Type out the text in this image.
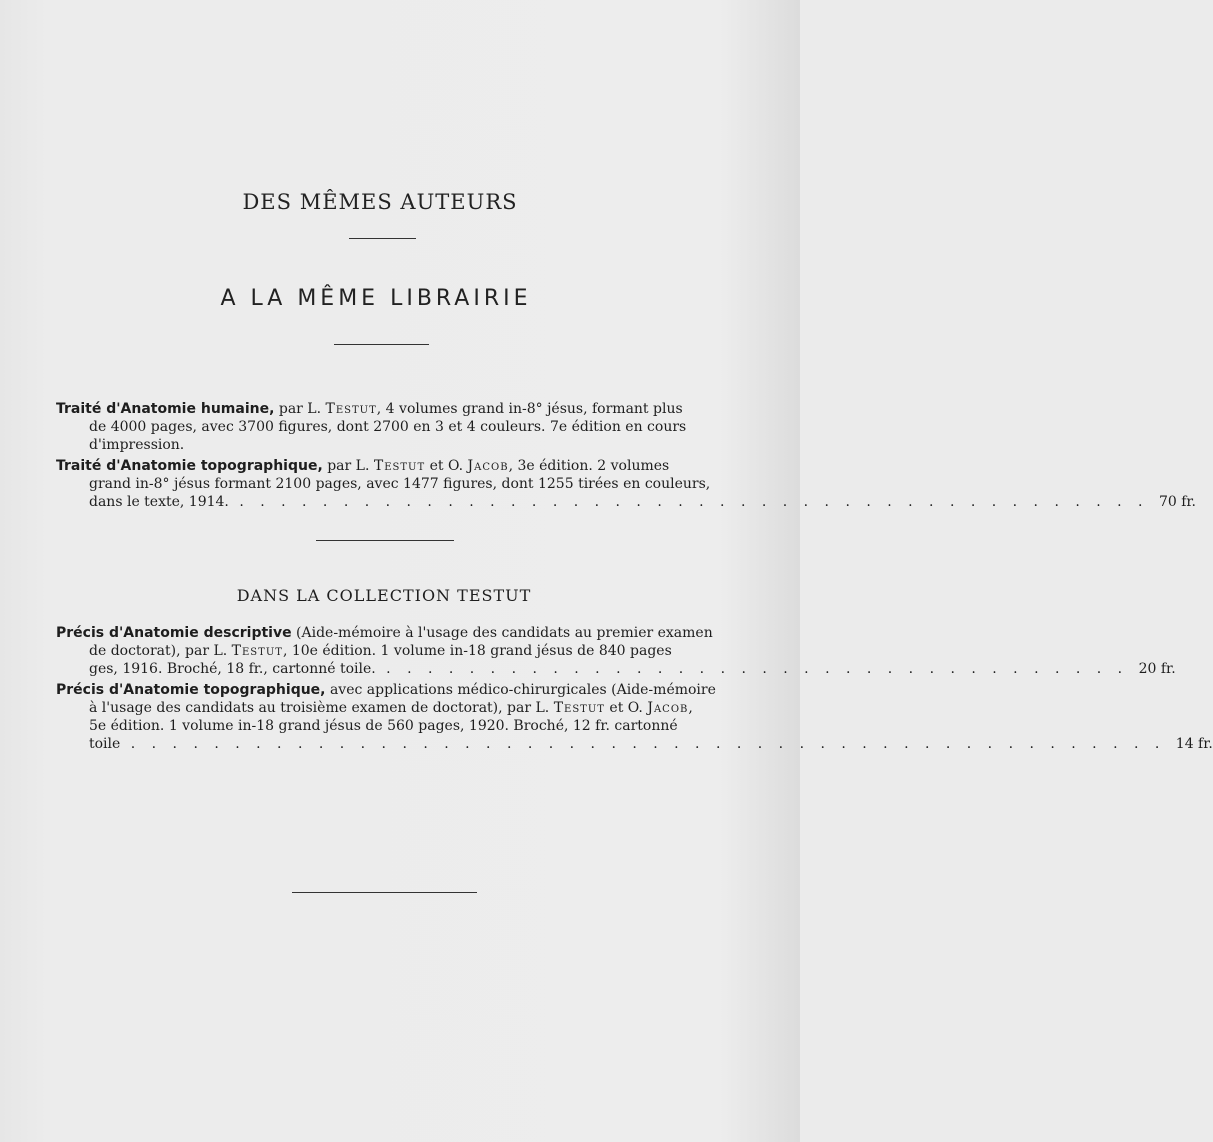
DES MÊMES AUTEURS
A LA MÊME LIBRAIRIE
Traité d'Anatomie humaine, par L. Testut, 4 volumes grand in-8° jésus, formant plus
de 4000 pages, avec 3700 figures, dont 2700 en 3 et 4 couleurs. 7e édition en cours
d'impression.
Traité d'Anatomie topographique, par L. Testut et O. Jacob, 3e édition. 2 volumes
grand in-8° jésus formant 2100 pages, avec 1477 figures, dont 1255 tirées en couleurs,
dans le texte, 1914. . . . . . . . . . . . . . . . . . . . . . . . . . . . . . . . . . . . . . . . . . . . . 70 fr.
DANS LA COLLECTION TESTUT
Précis d'Anatomie descriptive (Aide-mémoire à l'usage des candidats au premier examen
de doctorat), par L. Testut, 10e édition. 1 volume in-18 grand jésus de 840 pages
ges, 1916. Broché, 18 fr., cartonné toile. . . . . . . . . . . . . . . . . . . . . . . . . . . . . . . . . . . . . 20 fr.
Précis d'Anatomie topographique, avec applications médico-chirurgicales (Aide-mémoire
à l'usage des candidats au troisième examen de doctorat), par L. Testut et O. Jacob,
5e édition. 1 volume in-18 grand jésus de 560 pages, 1920. Broché, 12 fr. cartonné
toile . . . . . . . . . . . . . . . . . . . . . . . . . . . . . . . . . . . . . . . . . . . . . . . . . . 14 fr.
